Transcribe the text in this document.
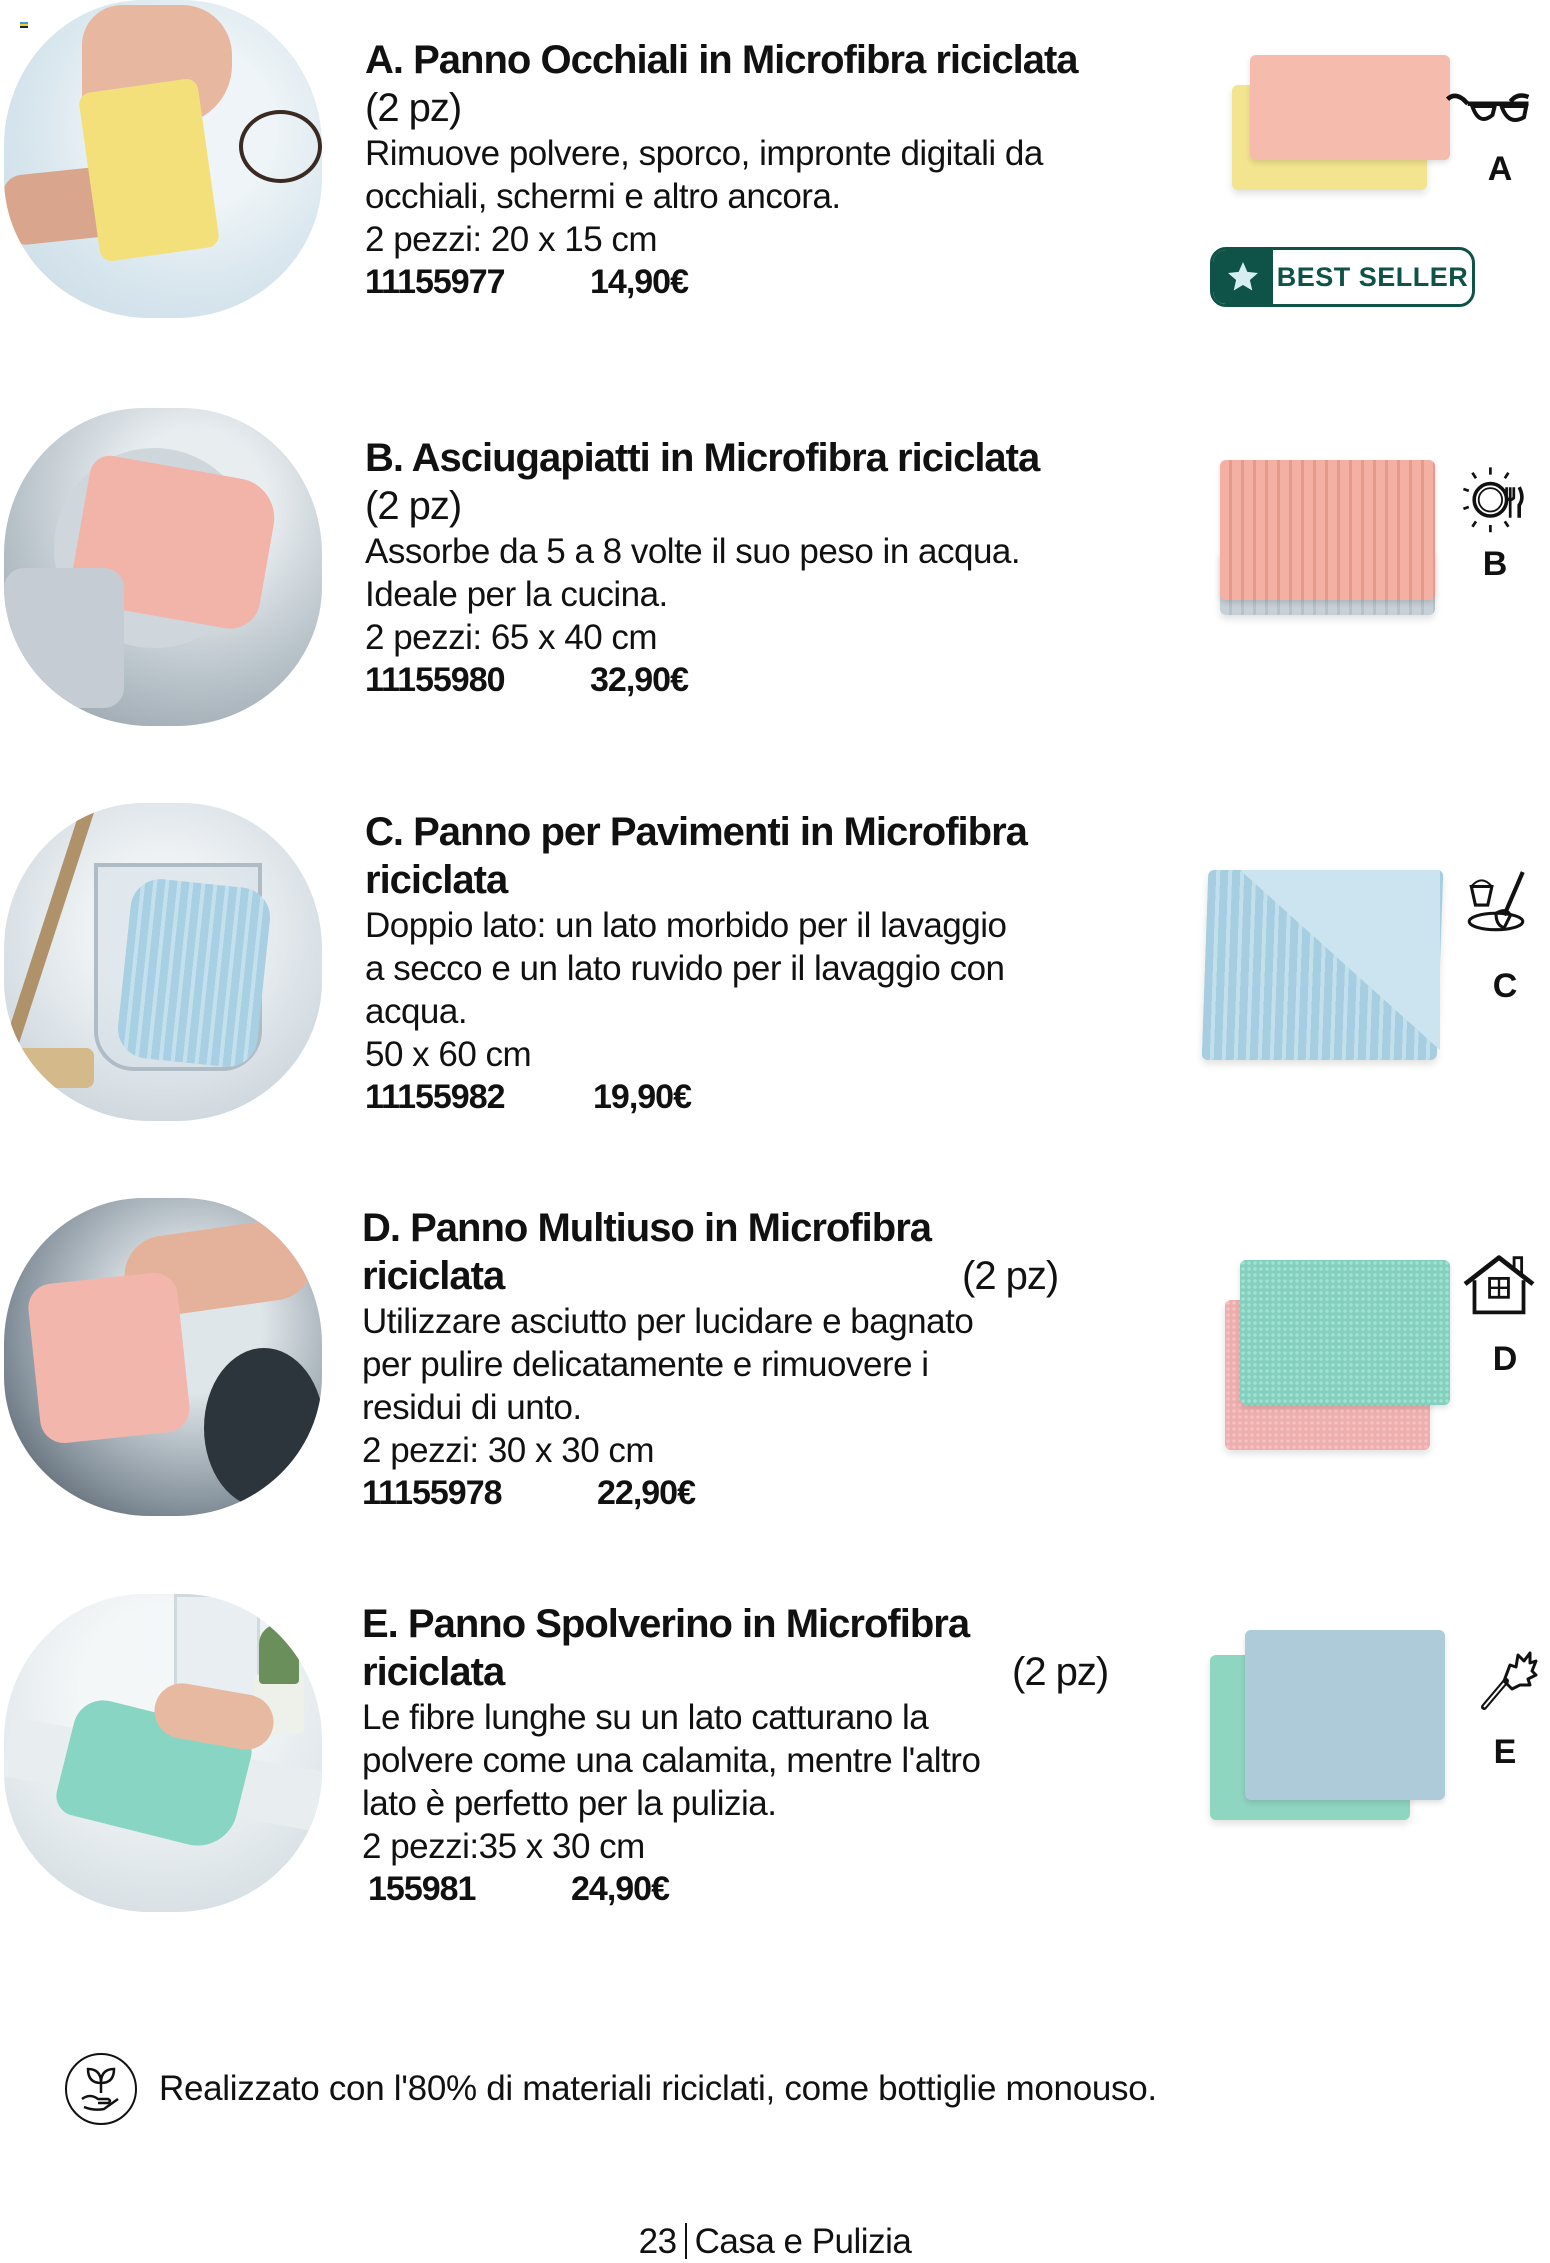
A. Panno Occhiali in Microfibra riciclata
(2 pz)
Rimuove polvere, sporco, impronte digitali da
occhiali, schermi e altro ancora.
2 pezzi: 20 x 15 cm
11155977	14,90€
A
BEST SELLER
B. Asciugapiatti in Microfibra riciclata
(2 pz)
Assorbe da 5 a 8 volte il suo peso in acqua.
Ideale per la cucina.
2 pezzi: 65 x 40 cm
11155980	32,90€
B
C. Panno per Pavimenti in Microfibra riciclata
Doppio lato: un lato morbido per il lavaggio
a secco e un lato ruvido per il lavaggio con
acqua.
50 x 60 cm
11155982	19,90€
C
D. Panno Multiuso in Microfibra riciclata	(2 pz)
Utilizzare asciutto per lucidare e bagnato
per pulire delicatamente e rimuovere i
residui di unto.
2 pezzi: 30 x 30 cm
11155978	22,90€
D
E. Panno Spolverino in Microfibra riciclata	(2 pz)
Le fibre lunghe su un lato catturano la
polvere come una calamita, mentre l'altro
lato è perfetto per la pulizia.
2 pezzi:35 x 30 cm
155981	24,90€
E
Realizzato con l'80% di materiali riciclati, come bottiglie monouso.
23 Casa e Pulizia
